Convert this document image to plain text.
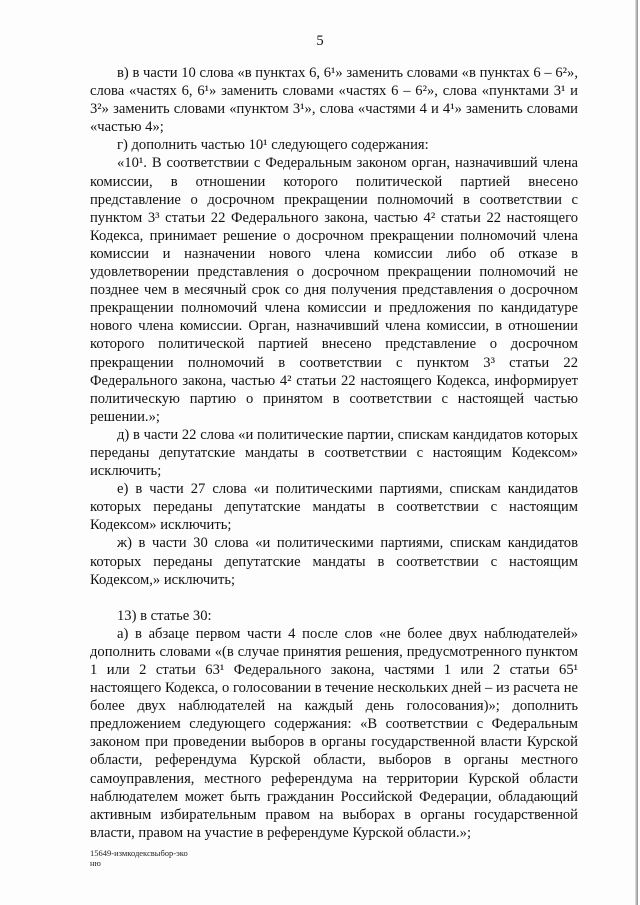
5

в) в части 10 слова «в пунктах 6, 6¹» заменить словами «в пунктах 6 – 6²», слова «частях 6, 6¹» заменить словами «частях 6 – 6²», слова «пунктами 3¹ и 3²» заменить словами «пунктом 3¹», слова «частями 4 и 4¹» заменить словами «частью 4»;

г) дополнить частью 10¹ следующего содержания:

«10¹. В соответствии с Федеральным законом орган, назначивший члена комиссии, в отношении которого политической партией внесено представление о досрочном прекращении полномочий в соответствии с пунктом 3³ статьи 22 Федерального закона, частью 4² статьи 22 настоящего Кодекса, принимает решение о досрочном прекращении полномочий члена комиссии и назначении нового члена комиссии либо об отказе в удовлетворении представления о досрочном прекращении полномочий не позднее чем в месячный срок со дня получения представления о досрочном прекращении полномочий члена комиссии и предложения по кандидатуре нового члена комиссии. Орган, назначивший члена комиссии, в отношении которого политической партией внесено представление о досрочном прекращении полномочий в соответствии с пунктом 3³ статьи 22 Федерального закона, частью 4² статьи 22 настоящего Кодекса, информирует политическую партию о принятом в соответствии с настоящей частью решении.»;

д) в части 22 слова «и политические партии, спискам кандидатов которых переданы депутатские мандаты в соответствии с настоящим Кодексом» исключить;

е) в части 27 слова «и политическими партиями, спискам кандидатов которых переданы депутатские мандаты в соответствии с настоящим Кодексом» исключить;

ж) в части 30 слова «и политическими партиями, спискам кандидатов которых переданы депутатские мандаты в соответствии с настоящим Кодексом,» исключить;

13) в статье 30:

а) в абзаце первом части 4 после слов «не более двух наблюдателей» дополнить словами «(в случае принятия решения, предусмотренного пунктом 1 или 2 статьи 63¹ Федерального закона, частями 1 или 2 статьи 65¹ настоящего Кодекса, о голосовании в течение нескольких дней – из расчета не более двух наблюдателей на каждый день голосования)»; дополнить предложением следующего содержания: «В соответствии с Федеральным законом при проведении выборов в органы государственной власти Курской области, референдума Курской области, выборов в органы местного самоуправления, местного референдума на территории Курской области наблюдателем может быть гражданин Российской Федерации, обладающий активным избирательным правом на выборах в органы государственной власти, правом на участие в референдуме Курской области.»;

15649-измкодексвыбор-эко
ню
